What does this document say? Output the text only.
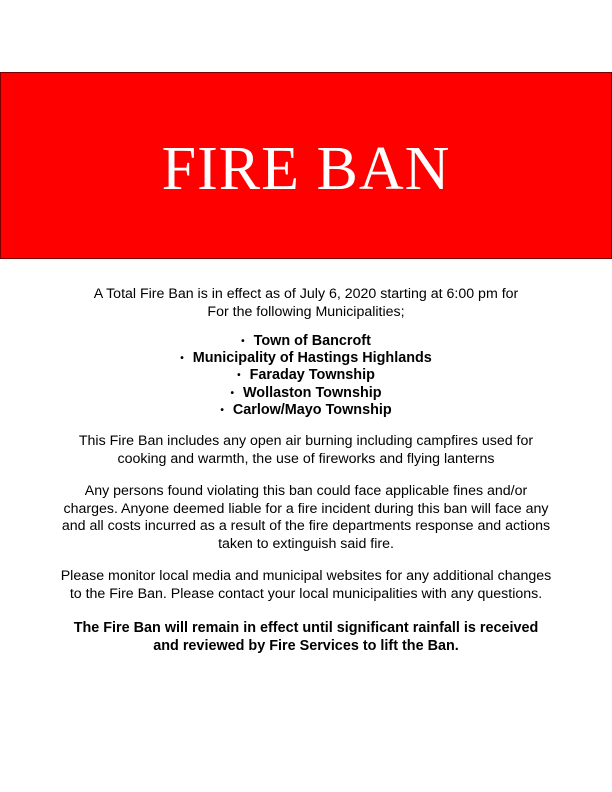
FIRE BAN

A Total Fire Ban is in effect as of July 6, 2020 starting at 6:00 pm for

For the following Municipalities;

• Town of Bancroft
• Municipality of Hastings Highlands
• Faraday Township
• Wollaston Township
• Carlow/Mayo Township

This Fire Ban includes any open air burning including campfires used for cooking and warmth, the use of fireworks and flying lanterns

Any persons found violating this ban could face applicable fines and/or charges. Anyone deemed liable for a fire incident during this ban will face any and all costs incurred as a result of the fire departments response and actions taken to extinguish said fire.

Please monitor local media and municipal websites for any additional changes to the Fire Ban. Please contact your local municipalities with any questions.

The Fire Ban will remain in effect until significant rainfall is received and reviewed by Fire Services to lift the Ban.
